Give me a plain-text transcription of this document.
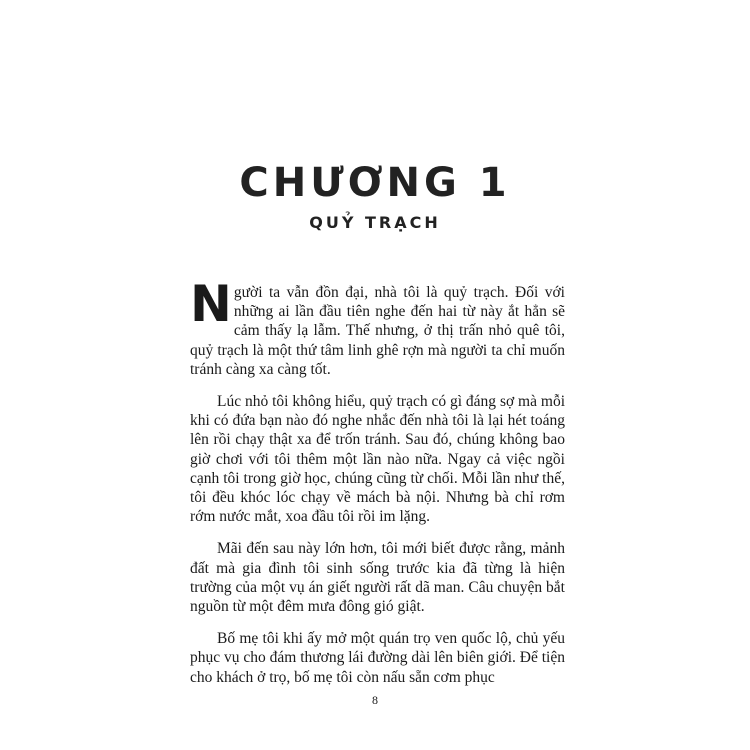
CHƯƠNG 1
QUỶ TRẠCH

Người ta vẫn đồn đại, nhà tôi là quỷ trạch. Đối với những ai lần đầu tiên nghe đến hai từ này ắt hẳn sẽ cảm thấy lạ lẫm. Thế nhưng, ở thị trấn nhỏ quê tôi, quỷ trạch là một thứ tâm linh ghê rợn mà người ta chỉ muốn tránh càng xa càng tốt.

Lúc nhỏ tôi không hiểu, quỷ trạch có gì đáng sợ mà mỗi khi có đứa bạn nào đó nghe nhắc đến nhà tôi là lại hét toáng lên rồi chạy thật xa để trốn tránh. Sau đó, chúng không bao giờ chơi với tôi thêm một lần nào nữa. Ngay cả việc ngồi cạnh tôi trong giờ học, chúng cũng từ chối. Mỗi lần như thế, tôi đều khóc lóc chạy về mách bà nội. Nhưng bà chỉ rơm rớm nước mắt, xoa đầu tôi rồi im lặng.

Mãi đến sau này lớn hơn, tôi mới biết được rằng, mảnh đất mà gia đình tôi sinh sống trước kia đã từng là hiện trường của một vụ án giết người rất dã man. Câu chuyện bắt nguồn từ một đêm mưa đông gió giật.

Bố mẹ tôi khi ấy mở một quán trọ ven quốc lộ, chủ yếu phục vụ cho đám thương lái đường dài lên biên giới. Để tiện cho khách ở trọ, bố mẹ tôi còn nấu sẵn cơm phục

8
